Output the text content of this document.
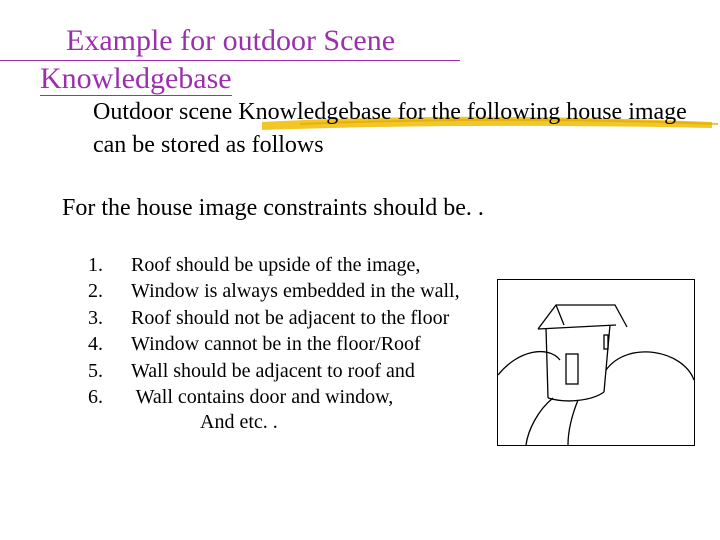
Example for outdoor Scene
Knowledgebase
Outdoor scene Knowledgebase for the following house image can be stored as follows
For the house image constraints should be. .
1.	Roof should be upside of the image,
2.	Window is always embedded in the wall,
3.	Roof should not be adjacent to the floor
4.	Window cannot be in the floor/Roof
5.	Wall should be adjacent to roof and
6.	Wall contains door and window,
And etc. .
